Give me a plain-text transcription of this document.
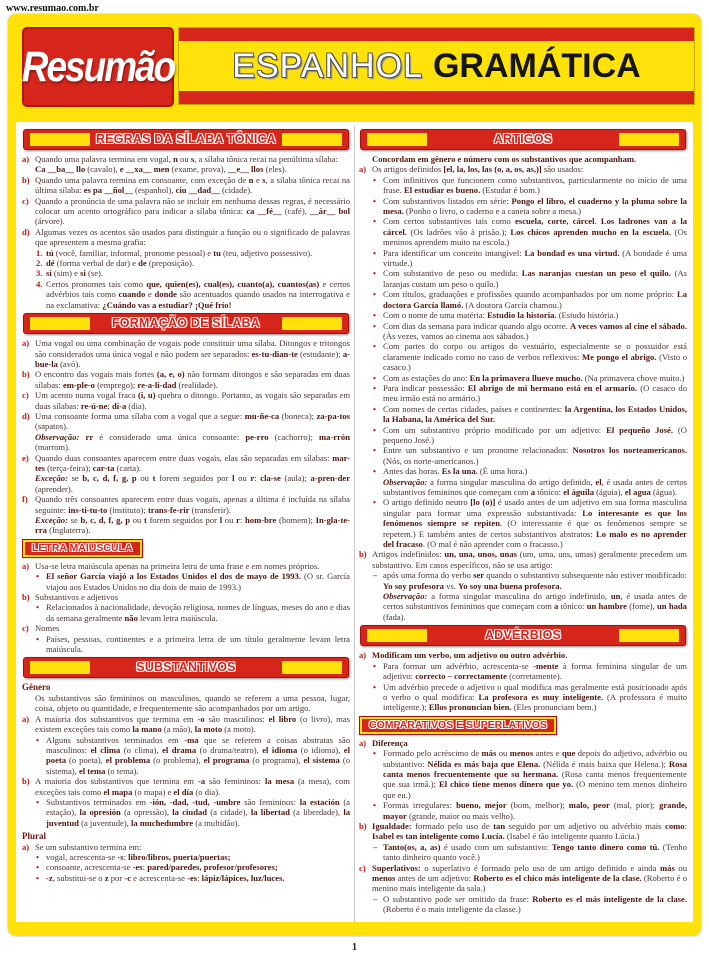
www.resumao.com.br
Resumão ESPANHOL GRAMÁTICA
REGRAS DA SÍLABA TÔNICA
a) Quando uma palavra termina em vogal, n ou s, a sílaba tônica recai na penúltima sílaba:
Ca __ba__ llo (cavalo), e __xa__ men (exame, prova), __e__ llos (eles).
b) Quando uma palavra termina em consoante, com exceção de n e s, a sílaba tônica recai na última sílaba: es pa __ñol__ (espanhol), ciu __dad__ (cidade).
c) Quando a pronúncia de uma palavra não se incluir em nenhuma dessas regras, é necessário colocar um acento ortográfico para indicar a sílaba tônica: ca __fé__ (café), __ár__ bol (árvore).
d) Algumas vezes os acentos são usados para distinguir a função ou o significado de palavras que apresentem a mesma grafia:
1. tú (você, familiar, informal, pronome pessoal) e tu (teu, adjetivo possessivo).
2. dé (forma verbal de dar) e de (preposição).
3. sí (sim) e si (se).
4. Certos pronomes tais como que, quien(es), cual(es), cuanto(a), cuantos(as) e certos advérbios tais como cuando e donde são acentuados quando usados na interrogativa e na exclamativa: ¿Cuándo vas a estudiar? ¡Qué frío!
FORMAÇÃO DE SÍLABA
a) Uma vogal ou uma combinação de vogais pode constituir uma sílaba. Ditongos e tritongos são considerados uma única vogal e não podem ser separados: es-tu-dian-te (estudante); a-bue-la (avó).
b) O encontro das vogais mais fortes (a, e, o) não formam ditongos e são separadas em duas sílabas: em-ple-o (emprego); re-a-li-dad (realidade).
c) Um acento numa vogal fraca (i, u) quebra o ditongo. Portanto, as vogais são separadas em duas sílabas: re-ú-ne; dí-a (dia).
d) Uma consoante forma uma sílaba com a vogal que a segue: mu-ñe-ca (boneca); za-pa-tos (sapatos).
Observação: rr é considerado uma única consoante: pe-rro (cachorro); ma-rrón (marrom).
e) Quando duas consoantes aparecem entre duas vogais, elas são separadas em sílabas: mar-tes (terça-feira); car-ta (carta).
Exceção: se b, c, d, f, g, p ou t forem seguidos por l ou r: cla-se (aula); a-pren-der (aprender).
f) Quando três consoantes aparecem entre duas vogais, apenas a última é incluída na sílaba seguinte: ins-ti-tu-to (instituto); trans-fe-rir (transferir).
Exceção: se b, c, d, f, g, p ou t forem seguidos por l ou r: hom-bre (homem); In-gla-te-rra (Inglaterra).
LETRA MAIÚSCULA
a) Usa-se letra maiúscula apenas na primeira letra de uma frase e em nomes próprios.
• El señor García viajó a los Estados Unidos el dos de mayo de 1993. (O sr. García viajou aos Estados Unidos no dia dois de maio de 1993.)
b) Substantivos e adjetivos
• Relacionados à nacionalidade, devoção religiosa, nomes de línguas, meses do ano e dias da semana geralmente não levam letra maiúscula.
c) Nomes
• Países, pessoas, continentes e a primeira letra de um título geralmente levam letra maiúscula.
SUBSTANTIVOS
Gênero
Os substantivos são femininos ou masculinos, quando se referem a uma pessoa, lugar, coisa, objeto ou quantidade, e frequentemente são acompanhados por um artigo.
a) A maioria dos substantivos que termina em -o são masculinos: el libro (o livro), mas existem exceções tais como la mano (a mão), la moto (a moto).
• Alguns substantivos terminados em -ma que se referem a coisas abstratas são masculinos: el clima (o clima), el drama (o drama/teatro), el idioma (o idioma), el poeta (o poeta), el problema (o problema), el programa (o programa), el sistema (o sistema), el tema (o tema).
b) A maioria dos substantivos que termina em -a são femininos: la mesa (a mesa), com exceções tais como el mapa (o mapa) e el día (o dia).
• Substantivos terminados em -ión, -dad, -tud, -umbre são femininos: la estación (a estação), la opresión (a opressão), la ciudad (a cidade), la libertad (a liberdade), la juventud (a juventude), la muchedumbre (a multidão).
Plural
a) Se um substantivo termina em:
• vogal, acrescenta-se -s: libro/libros, puerta/puertas;
• consoante, acrescenta-se -es: pared/paredes, profesor/profesores;
• -z, substitui-se o z por -c e acrescenta-se -es: lápiz/lápices, luz/luces.
ARTIGOS
Concordam em gênero e número com os substantivos que acompanham.
a) Os artigos definidos [el, la, los, las (o, a, os, as,)] são usados:
• Com infinitivos que funcionem como substantivos, particularmente no início de uma frase. El estudiar es bueno. (Estudar é bom.)
• Com substantivos listados em série: Pongo el libro, el cuaderno y la pluma sobre la mesa. (Ponho o livro, o caderno e a caneta sobre a mesa.)
• Com certos substantivos tais como escuela, corte, cárcel. Los ladrones van a la cárcel. (Os ladrões vão à prisão.); Los chicos aprenden mucho en la escuela. (Os meninos aprendem muito na escola.)
• Para identificar um conceito intangível: La bondad es una virtud. (A bondade é uma virtude.)
• Com substantivo de peso ou medida: Las naranjas cuestan un peso el quilo. (As laranjas custam um peso o quilo.)
• Com títulos, graduações e profissões quando acompanhados por um nome próprio: La doctora García llamó. (A doutora García chamou.)
• Com o nome de uma matéria: Estudio la historia. (Estudo história.)
• Com dias da semana para indicar quando algo ocorre. A veces vamos al cine el sábado. (Às vezes, vamos ao cinema aos sábados.)
• Com partes do corpo ou artigos do vestuário, especialmente se o possuidor está claramente indicado como no caso de verbos reflexivos: Me pongo el abrigo. (Visto o casaco.)
• Com as estações do ano: En la primavera llueve mucho. (Na primavera chove muito.)
• Para indicar possessão: El abrigo de mi hermano está en el armario. (O casaco do meu irmão está no armário.)
• Com nomes de certas cidades, países e continentes: la Argentina, los Estados Unidos, la Habana, la América del Sur.
• Com um substantivo próprio modificado por um adjetivo: El pequeño José. (O pequeno José.)
• Entre um substantivo e um pronome relacionados: Nosotros los norteamericanos. (Nós, os norte-americanos.)
• Antes das horas. Es la una. (É uma hora.)
Observação: a forma singular masculina do artigo definido, el, é usada antes de certos substantivos femininos que começam com a tônico: el águila (águia), el agua (água).
• O artigo definido neutro [lo (o)] é usado antes de um adjetivo em sua forma masculina singular para formar uma expressão substantivada: Lo interesante es que los fenómenos siempre se repiten. (O interessante é que os fenômenos sempre se repetem.) E também antes de certos substantivos abstratos: Lo malo es no aprender del fracaso. (O mal é não aprender com o fracasso.)
b) Artigos indefinidos: un, una, unos, unas (um, uma, uns, umas) geralmente precedem um substantivo. Em casos específicos, não se usa artigo:
– após uma forma do verbo ser quando o substantivo subsequente não estiver modificado: Yo soy profesora vs. Yo soy una buena profesora.
Observação: a forma singular masculina do artigo indefinido, un, é usada antes de certos substantivos femininos que começam com a tônico: un hambre (fome), un hada (fada).
ADVÉRBIOS
a) Modificam um verbo, um adjetivo ou outro advérbio.
• Para formar um advérbio, acrescenta-se -mente à forma feminina singular de um adjetivo: correcto – correctamente (corretamente).
• Um advérbio precede o adjetivo o qual modifica mas geralmente está posicionado após o verbo o qual modifica: La profesora es muy inteligente. (A professora é muito inteligente.); Ellos pronuncian bien. (Eles pronunciam bem.)
COMPARATIVOS E SUPERLATIVOS
a) Diferença
• Formado pelo acréscimo de más ou menos antes e que depois do adjetivo, advérbio ou substantivo: Nélida es más baja que Elena. (Nélida é mais baixa que Helena.); Rosa canta menos frecuentemente que su hermana. (Rosa canta menos frequentemente que sua irmã.); El chico tiene menos dinero que yo. (O menino tem menos dinheiro que eu.)
• Formas irregulares: bueno, mejor (bom, melhor); malo, peor (mal, pior); grande, mayor (grande, maior ou mais velho).
b) Igualdade: formado pelo uso de tan seguido por um adjetivo ou advérbio mais como: Isabel es tan inteligente como Lucía. (Isabel é tão inteligente quanto Lúcia.)
– Tanto(os, a, as) é usado com um substantivo: Tengo tanto dinero como tú. (Tenho tanto dinheiro quanto você.)
c) Superlativos: o superlativo é formado pelo uso de um artigo definido e ainda más ou menos antes de um adjetivo: Roberto es el chico más inteligente de la clase. (Roberto é o menino mais inteligente da sala.)
– O substantivo pode ser omitido da frase: Roberto es el más inteligente de la clase. (Roberto é o mais inteligente da classe.)
1
